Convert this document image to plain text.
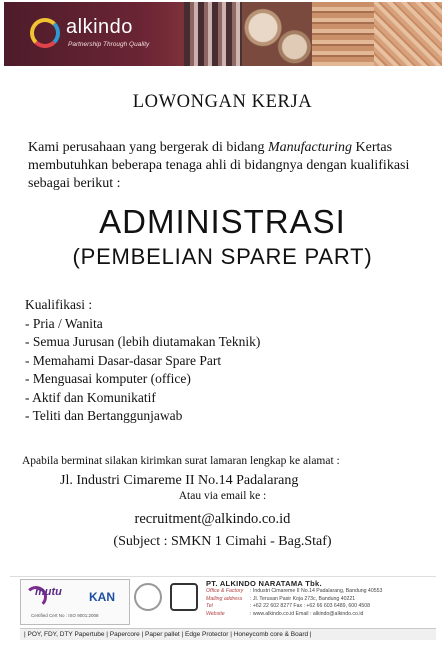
alkindo
Partnership Through Quality
LOWONGAN KERJA

Kami perusahaan yang bergerak di bidang Manufacturing Kertas membutuhkan beberapa tenaga ahli di bidangnya dengan kualifikasi sebagai berikut :

ADMINISTRASI
(PEMBELIAN SPARE PART)
Kualifikasi :
- Pria / Wanita
- Semua Jurusan (lebih diutamakan Teknik)
- Memahami Dasar-dasar Spare Part
- Menguasai komputer (office)
- Aktif dan Komunikatif
- Teliti dan Bertanggunjawab
Apabila berminat silakan kirimkan surat lamaran lengkap ke alamat :
Jl. Industri Cimareme II No.14 Padalarang
Atau via email ke :
recruitment@alkindo.co.id
(Subject : SMKN 1 Cimahi - Bag.Staf)
mutu KAN
Certified Cert No : ISO 9001:2008
PT. ALKINDO NARATAMA Tbk.
Office & Factory : Industri Cimareme II No.14 Padalarang, Bandung 40553
Mailing address : Jl. Terusan Pasir Koja 273c, Bandung 40221
Tel	: +62 22 602 8277 Fax : +62 66 603 6489, 600 4508
Website	: www.alkindo.co.id Email : alkindo@alkindo.co.id
| POY, FDY, DTY Papertube | Papercore | Paper pallet | Edge Protector | Honeycomb core & Board |
